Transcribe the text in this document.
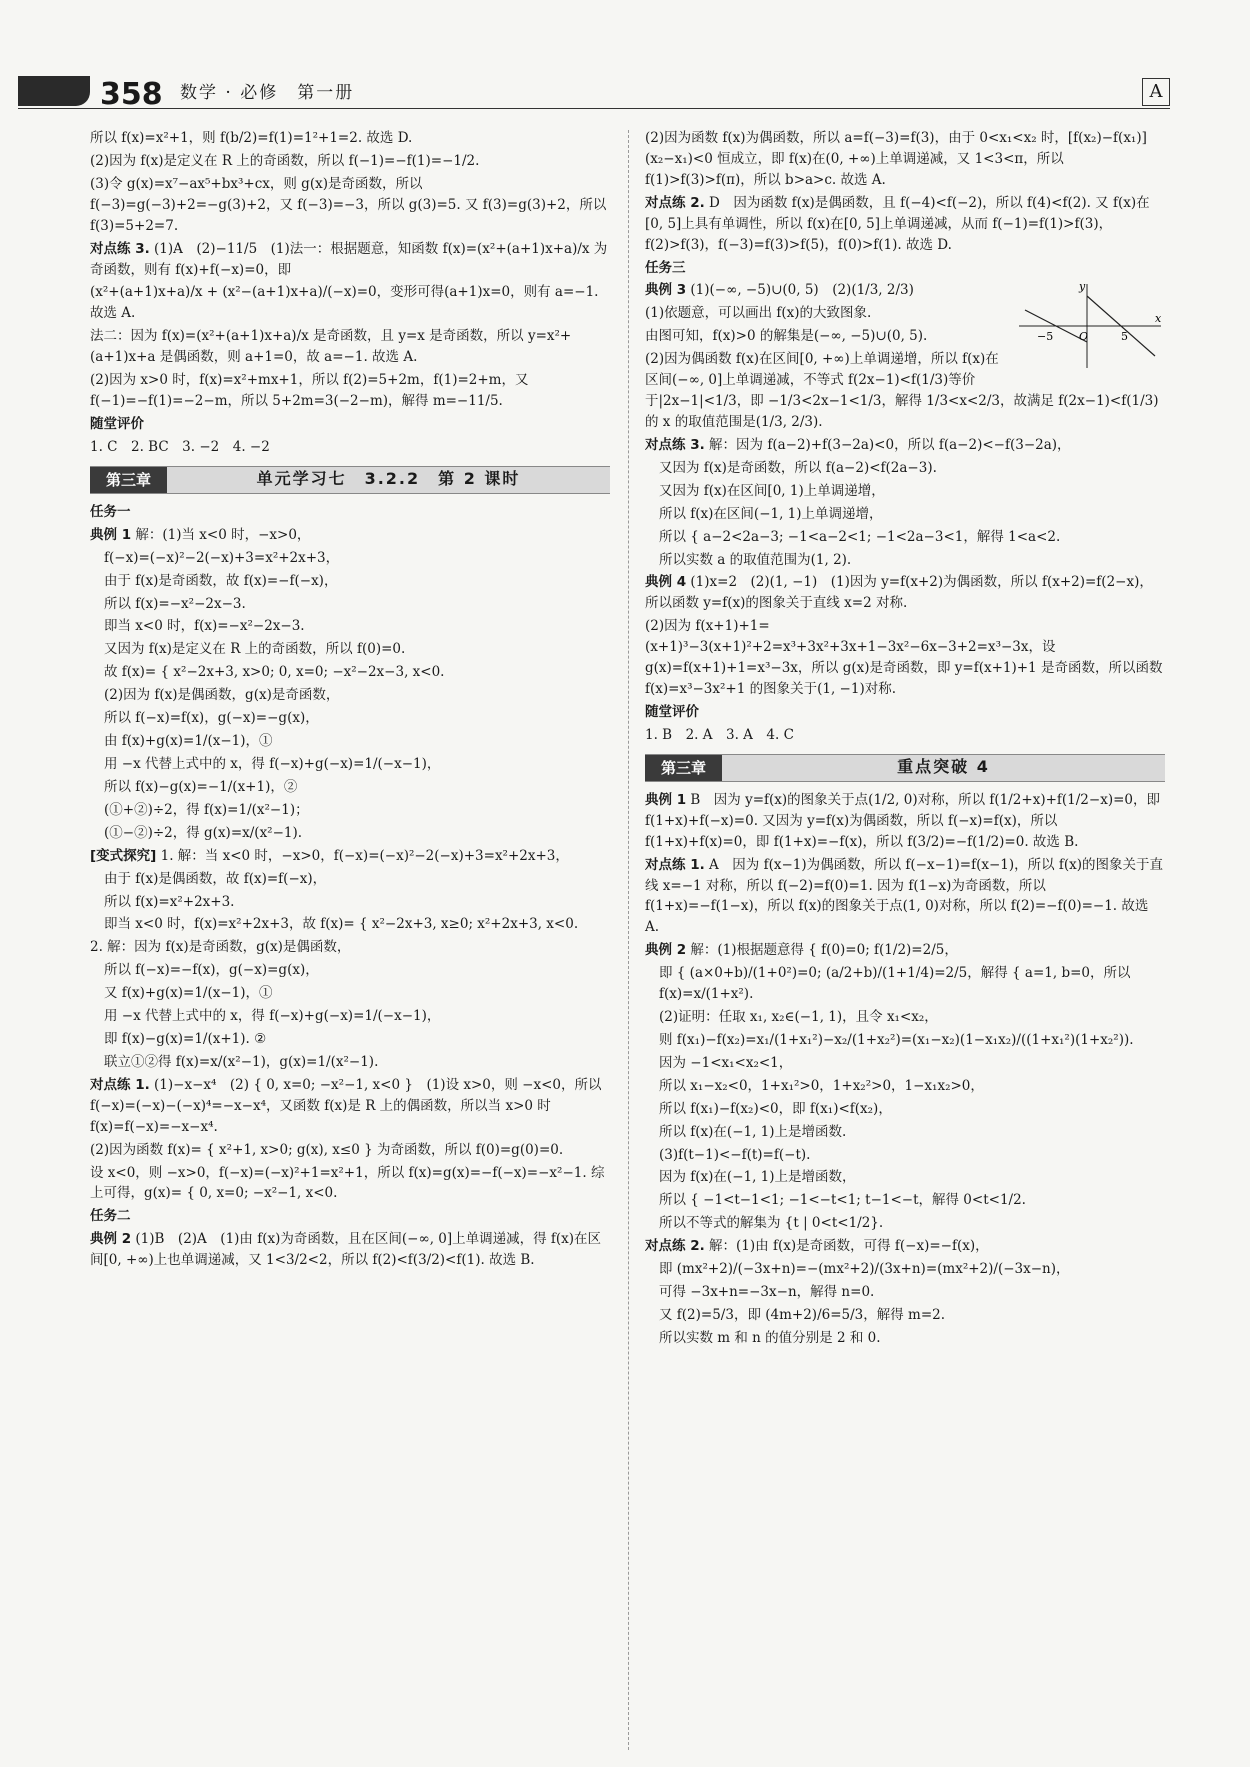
358 数学 · 必修　第一册	A

所以 f(x)=x²+1，则 f(b/2)=f(1)=1²+1=2. 故选 D.

(2)因为 f(x)是定义在 R 上的奇函数，所以 f(−1)=−f(1)=−1/2.

(3)令 g(x)=x⁷−ax⁵+bx³+cx，则 g(x)是奇函数，所以 f(−3)=g(−3)+2=−g(3)+2，又 f(−3)=−3，所以 g(3)=5. 又 f(3)=g(3)+2，所以 f(3)=5+2=7.

对点练 3. (1)A　(2)−11/5　(1)法一：根据题意，知函数 f(x)=(x²+(a+1)x+a)/x 为奇函数，则有 f(x)+f(−x)=0，即

(x²+(a+1)x+a)/x + (x²−(a+1)x+a)/(−x)=0，变形可得(a+1)x=0，则有 a=−1. 故选 A.

法二：因为 f(x)=(x²+(a+1)x+a)/x 是奇函数，且 y=x 是奇函数，所以 y=x²+(a+1)x+a 是偶函数，则 a+1=0，故 a=−1. 故选 A.

(2)因为 x>0 时，f(x)=x²+mx+1，所以 f(2)=5+2m，f(1)=2+m，又 f(−1)=−f(1)=−2−m，所以 5+2m=3(−2−m)，解得 m=−11/5.

随堂评价

1. C　2. BC　3. −2　4. −2

第三章	单元学习七　3.2.2　第 2 课时

任务一

典例 1 解：(1)当 x<0 时，−x>0，

f(−x)=(−x)²−2(−x)+3=x²+2x+3，

由于 f(x)是奇函数，故 f(x)=−f(−x)，

所以 f(x)=−x²−2x−3.

即当 x<0 时，f(x)=−x²−2x−3.

又因为 f(x)是定义在 R 上的奇函数，所以 f(0)=0.

故 f(x)= { x²−2x+3, x>0; 0, x=0; −x²−2x−3, x<0.

(2)因为 f(x)是偶函数，g(x)是奇函数，

所以 f(−x)=f(x)，g(−x)=−g(x)，

由 f(x)+g(x)=1/(x−1)，①

用 −x 代替上式中的 x，得 f(−x)+g(−x)=1/(−x−1)，

所以 f(x)−g(x)=−1/(x+1)，②

(①+②)÷2，得 f(x)=1/(x²−1)；

(①−②)÷2，得 g(x)=x/(x²−1).

[变式探究] 1. 解：当 x<0 时，−x>0，f(−x)=(−x)²−2(−x)+3=x²+2x+3，

由于 f(x)是偶函数，故 f(x)=f(−x)，

所以 f(x)=x²+2x+3.

即当 x<0 时，f(x)=x²+2x+3，故 f(x)= { x²−2x+3, x≥0; x²+2x+3, x<0.

2. 解：因为 f(x)是奇函数，g(x)是偶函数，

所以 f(−x)=−f(x)，g(−x)=g(x)，

又 f(x)+g(x)=1/(x−1)，①

用 −x 代替上式中的 x，得 f(−x)+g(−x)=1/(−x−1)，

即 f(x)−g(x)=1/(x+1). ②

联立①②得 f(x)=x/(x²−1)，g(x)=1/(x²−1).

对点练 1. (1)−x−x⁴　(2) { 0, x=0; −x²−1, x<0 }　(1)设 x>0，则 −x<0，所以 f(−x)=(−x)−(−x)⁴=−x−x⁴，又函数 f(x)是 R 上的偶函数，所以当 x>0 时 f(x)=f(−x)=−x−x⁴.

(2)因为函数 f(x)= { x²+1, x>0; g(x), x≤0 } 为奇函数，所以 f(0)=g(0)=0.

设 x<0，则 −x>0，f(−x)=(−x)²+1=x²+1，所以 f(x)=g(x)=−f(−x)=−x²−1. 综上可得，g(x)= { 0, x=0; −x²−1, x<0.

任务二

典例 2 (1)B　(2)A　(1)由 f(x)为奇函数，且在区间(−∞, 0]上单调递减，得 f(x)在区间[0, +∞)上也单调递减，又 1<3/2<2，所以 f(2)<f(3/2)<f(1). 故选 B.

(2)因为函数 f(x)为偶函数，所以 a=f(−3)=f(3)，由于 0<x₁<x₂ 时，[f(x₂)−f(x₁)](x₂−x₁)<0 恒成立，即 f(x)在(0, +∞)上单调递减，又 1<3<π，所以 f(1)>f(3)>f(π)，所以 b>a>c. 故选 A.

对点练 2. D　因为函数 f(x)是偶函数，且 f(−4)<f(−2)，所以 f(4)<f(2). 又 f(x)在[0, 5]上具有单调性，所以 f(x)在[0, 5]上单调递减，从而 f(−1)=f(1)>f(3)，f(2)>f(3)，f(−3)=f(3)>f(5)，f(0)>f(1). 故选 D.

任务三

y
x
O
−5	5

典例 3 (1)(−∞, −5)∪(0, 5)　(2)(1/3, 2/3)

(1)依题意，可以画出 f(x)的大致图象.

由图可知，f(x)>0 的解集是(−∞, −5)∪(0, 5).

(2)因为偶函数 f(x)在区间[0, +∞)上单调递增，所以 f(x)在区间(−∞, 0]上单调递减，不等式 f(2x−1)<f(1/3)等价于|2x−1|<1/3，即 −1/3<2x−1<1/3，解得 1/3<x<2/3，故满足 f(2x−1)<f(1/3)的 x 的取值范围是(1/3, 2/3).

对点练 3. 解：因为 f(a−2)+f(3−2a)<0，所以 f(a−2)<−f(3−2a)，

又因为 f(x)是奇函数，所以 f(a−2)<f(2a−3).

又因为 f(x)在区间[0, 1)上单调递增，

所以 f(x)在区间(−1, 1)上单调递增，

所以 { a−2<2a−3; −1<a−2<1; −1<2a−3<1，解得 1<a<2.

所以实数 a 的取值范围为(1, 2).

典例 4 (1)x=2　(2)(1, −1)　(1)因为 y=f(x+2)为偶函数，所以 f(x+2)=f(2−x)，所以函数 y=f(x)的图象关于直线 x=2 对称.

(2)因为 f(x+1)+1=(x+1)³−3(x+1)²+2=x³+3x²+3x+1−3x²−6x−3+2=x³−3x，设 g(x)=f(x+1)+1=x³−3x，所以 g(x)是奇函数，即 y=f(x+1)+1 是奇函数，所以函数 f(x)=x³−3x²+1 的图象关于(1, −1)对称.

随堂评价

1. B　2. A　3. A　4. C

第三章	重点突破 4

典例 1 B　因为 y=f(x)的图象关于点(1/2, 0)对称，所以 f(1/2+x)+f(1/2−x)=0，即 f(1+x)+f(−x)=0. 又因为 y=f(x)为偶函数，所以 f(−x)=f(x)，所以 f(1+x)+f(x)=0，即 f(1+x)=−f(x)，所以 f(3/2)=−f(1/2)=0. 故选 B.

对点练 1. A　因为 f(x−1)为偶函数，所以 f(−x−1)=f(x−1)，所以 f(x)的图象关于直线 x=−1 对称，所以 f(−2)=f(0)=1. 因为 f(1−x)为奇函数，所以 f(1+x)=−f(1−x)，所以 f(x)的图象关于点(1, 0)对称，所以 f(2)=−f(0)=−1. 故选 A.

典例 2 解：(1)根据题意得 { f(0)=0; f(1/2)=2/5，

即 { (a×0+b)/(1+0²)=0; (a/2+b)/(1+1/4)=2/5，解得 { a=1, b=0，所以 f(x)=x/(1+x²).

(2)证明：任取 x₁, x₂∈(−1, 1)，且令 x₁<x₂，

则 f(x₁)−f(x₂)=x₁/(1+x₁²)−x₂/(1+x₂²)=(x₁−x₂)(1−x₁x₂)/((1+x₁²)(1+x₂²)).

因为 −1<x₁<x₂<1，

所以 x₁−x₂<0，1+x₁²>0，1+x₂²>0，1−x₁x₂>0，

所以 f(x₁)−f(x₂)<0，即 f(x₁)<f(x₂)，

所以 f(x)在(−1, 1)上是增函数.

(3)f(t−1)<−f(t)=f(−t).

因为 f(x)在(−1, 1)上是增函数，

所以 { −1<t−1<1; −1<−t<1; t−1<−t，解得 0<t<1/2.

所以不等式的解集为 {t | 0<t<1/2}.

对点练 2. 解：(1)由 f(x)是奇函数，可得 f(−x)=−f(x)，

即 (mx²+2)/(−3x+n)=−(mx²+2)/(3x+n)=(mx²+2)/(−3x−n)，

可得 −3x+n=−3x−n，解得 n=0.

又 f(2)=5/3，即 (4m+2)/6=5/3，解得 m=2.

所以实数 m 和 n 的值分别是 2 和 0.
